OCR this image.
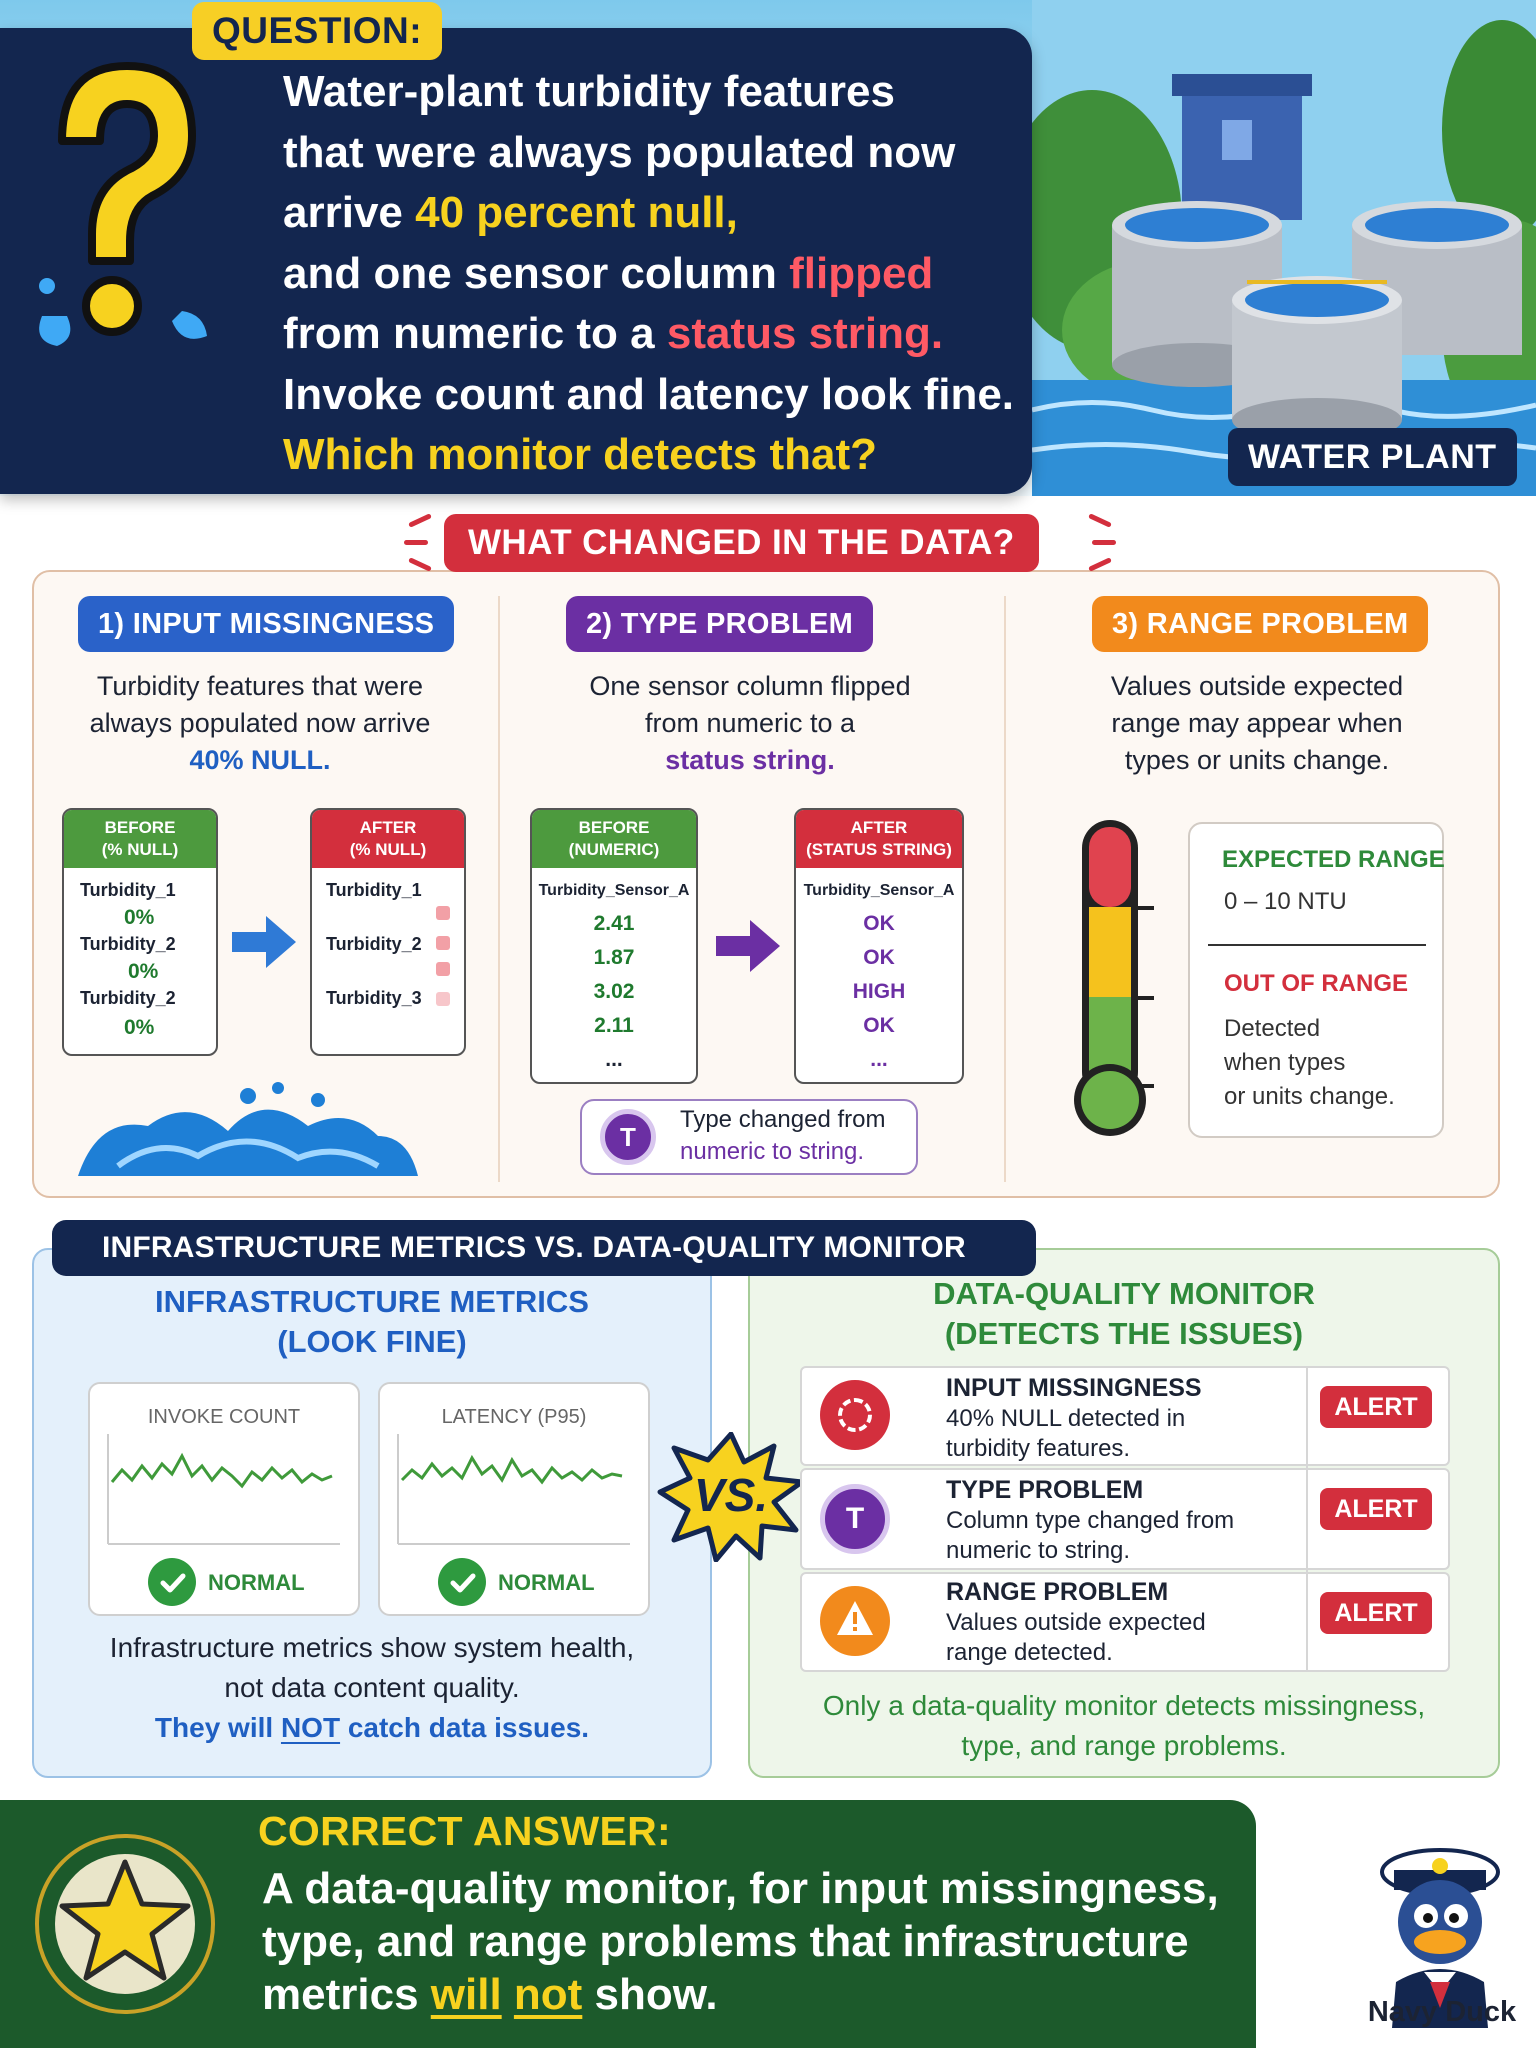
QUESTION:
Water-plant turbidity features
that were always populated now
arrive 40 percent null,
and one sensor column flipped
from numeric to a status string.
Invoke count and latency look fine.
Which monitor detects that?	WATER PLANT
WHAT CHANGED IN THE DATA?
1) INPUT MISSINGNESS
Turbidity features that were
always populated now arrive
40% NULL.
BEFORE
(% NULL)
Turbidity_1
0%
Turbidity_2
0%
Turbidity_2
0%
AFTER
(% NULL)
Turbidity_1
Turbidity_2
Turbidity_3
2) TYPE PROBLEM
One sensor column flipped
from numeric to a
status string.
BEFORE
(NUMERIC)
Turbidity_Sensor_A
2.41
1.87
3.02
2.11
...
AFTER
(STATUS STRING)
Turbidity_Sensor_A
OK
OK
HIGH
OK
...
T
Type changed from
numeric to string.
3) RANGE PROBLEM
Values outside expected
range may appear when
types or units change.
EXPECTED RANGE
0 – 10 NTU
OUT OF RANGE
Detected
when types
or units change.
INFRASTRUCTURE METRICS VS. DATA-QUALITY MONITOR
INFRASTRUCTURE METRICS
(LOOK FINE)
INVOKE COUNT
NORMAL
LATENCY (P95)
NORMAL
Infrastructure metrics show system health,
not data content quality.
They will NOT catch data issues.
VS.
DATA-QUALITY MONITOR
(DETECTS THE ISSUES)
INPUT MISSINGNESS
40% NULL detected in
turbidity features.
ALERT
T
TYPE PROBLEM
Column type changed from
numeric to string.
ALERT
RANGE PROBLEM
Values outside expected
range detected.
ALERT
Only a data-quality monitor detects missingness,
type, and range problems.
CORRECT ANSWER:
A data-quality monitor, for input missingness,
type, and range problems that infrastructure
metrics will not show.	Navy Duck
